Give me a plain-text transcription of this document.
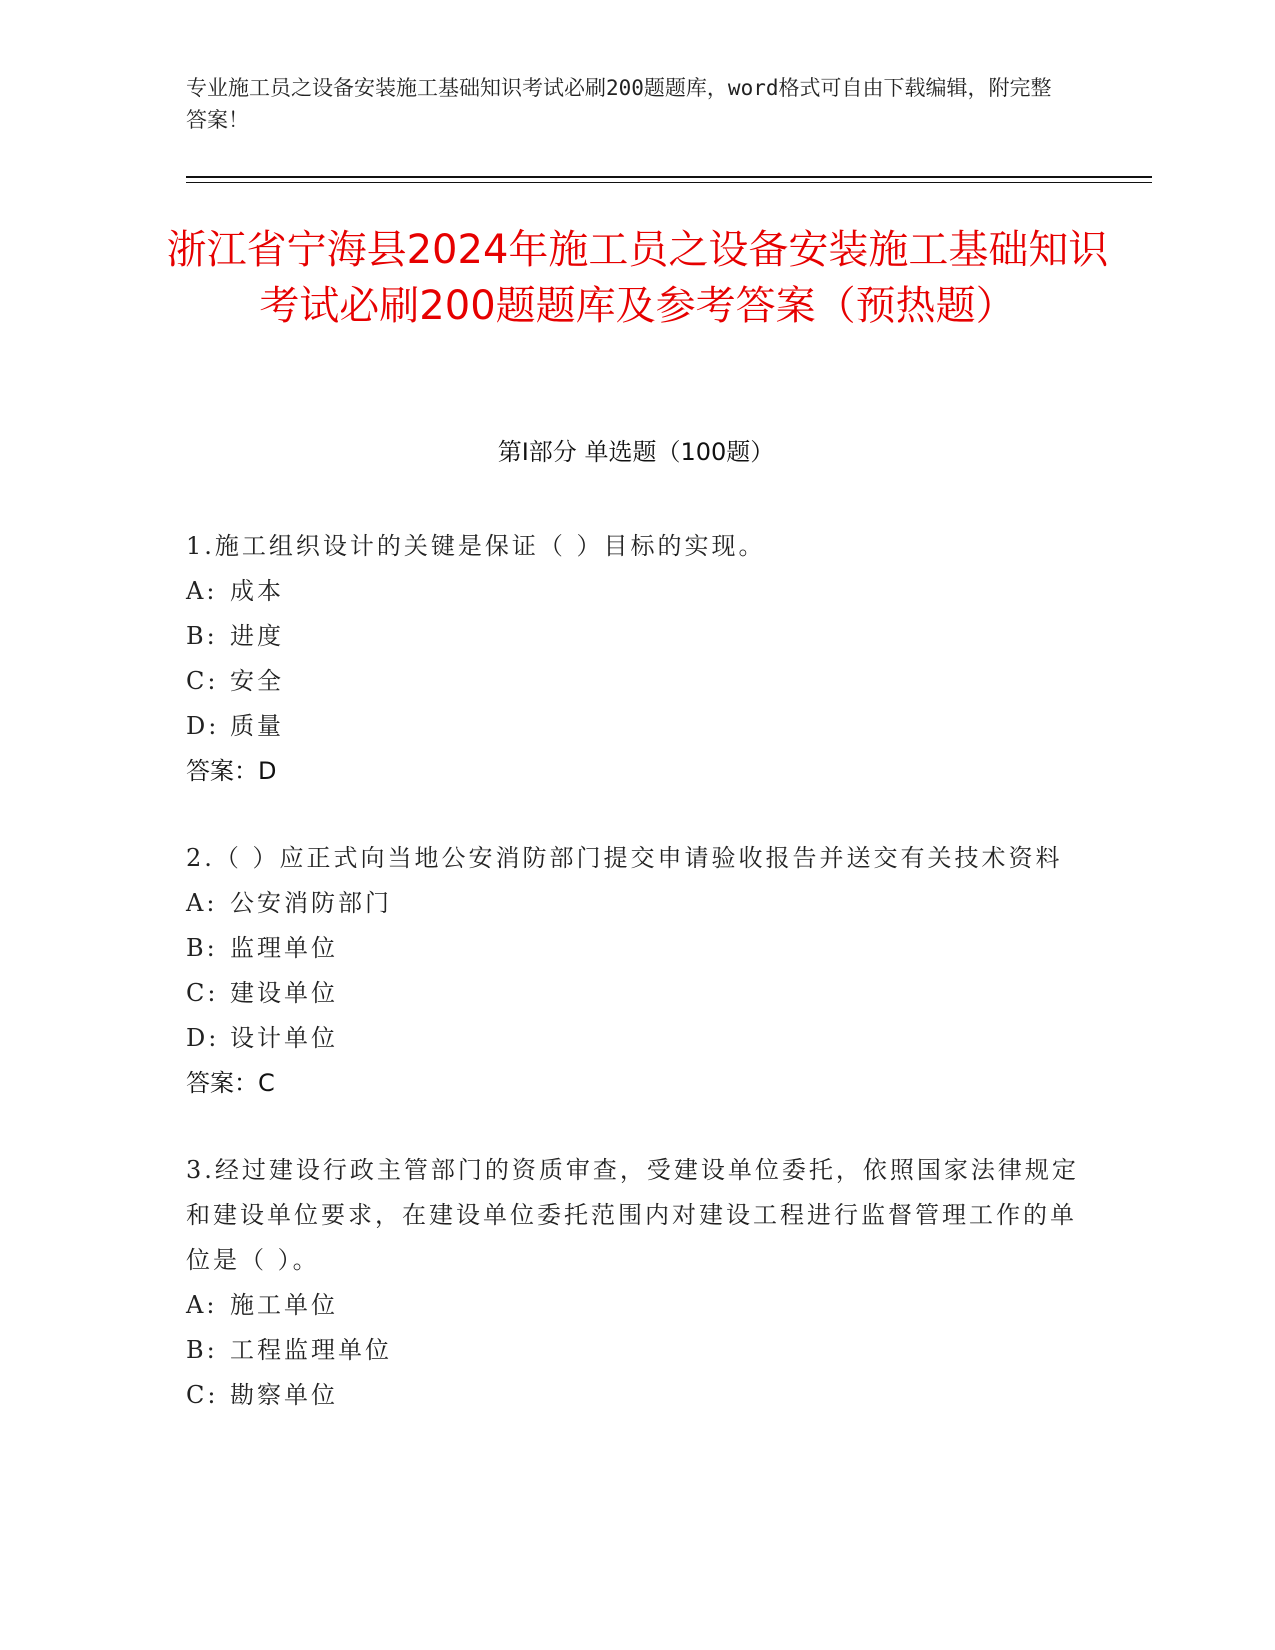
专业施工员之设备安装施工基础知识考试必刷200题题库，word格式可自由下载编辑，附完整答案！
浙江省宁海县2024年施工员之设备安装施工基础知识考试必刷200题题库及参考答案（预热题）
第Ⅰ部分 单选题（100题）
1.施工组织设计的关键是保证（ ）目标的实现。
A: 成本
B: 进度
C: 安全
D: 质量
答案：D
2.（ ）应正式向当地公安消防部门提交申请验收报告并送交有关技术资料
A: 公安消防部门
B: 监理单位
C: 建设单位
D: 设计单位
答案：C
3.经过建设行政主管部门的资质审查，受建设单位委托，依照国家法律规定和建设单位要求，在建设单位委托范围内对建设工程进行监督管理工作的单位是（ ）。
A: 施工单位
B: 工程监理单位
C: 勘察单位
